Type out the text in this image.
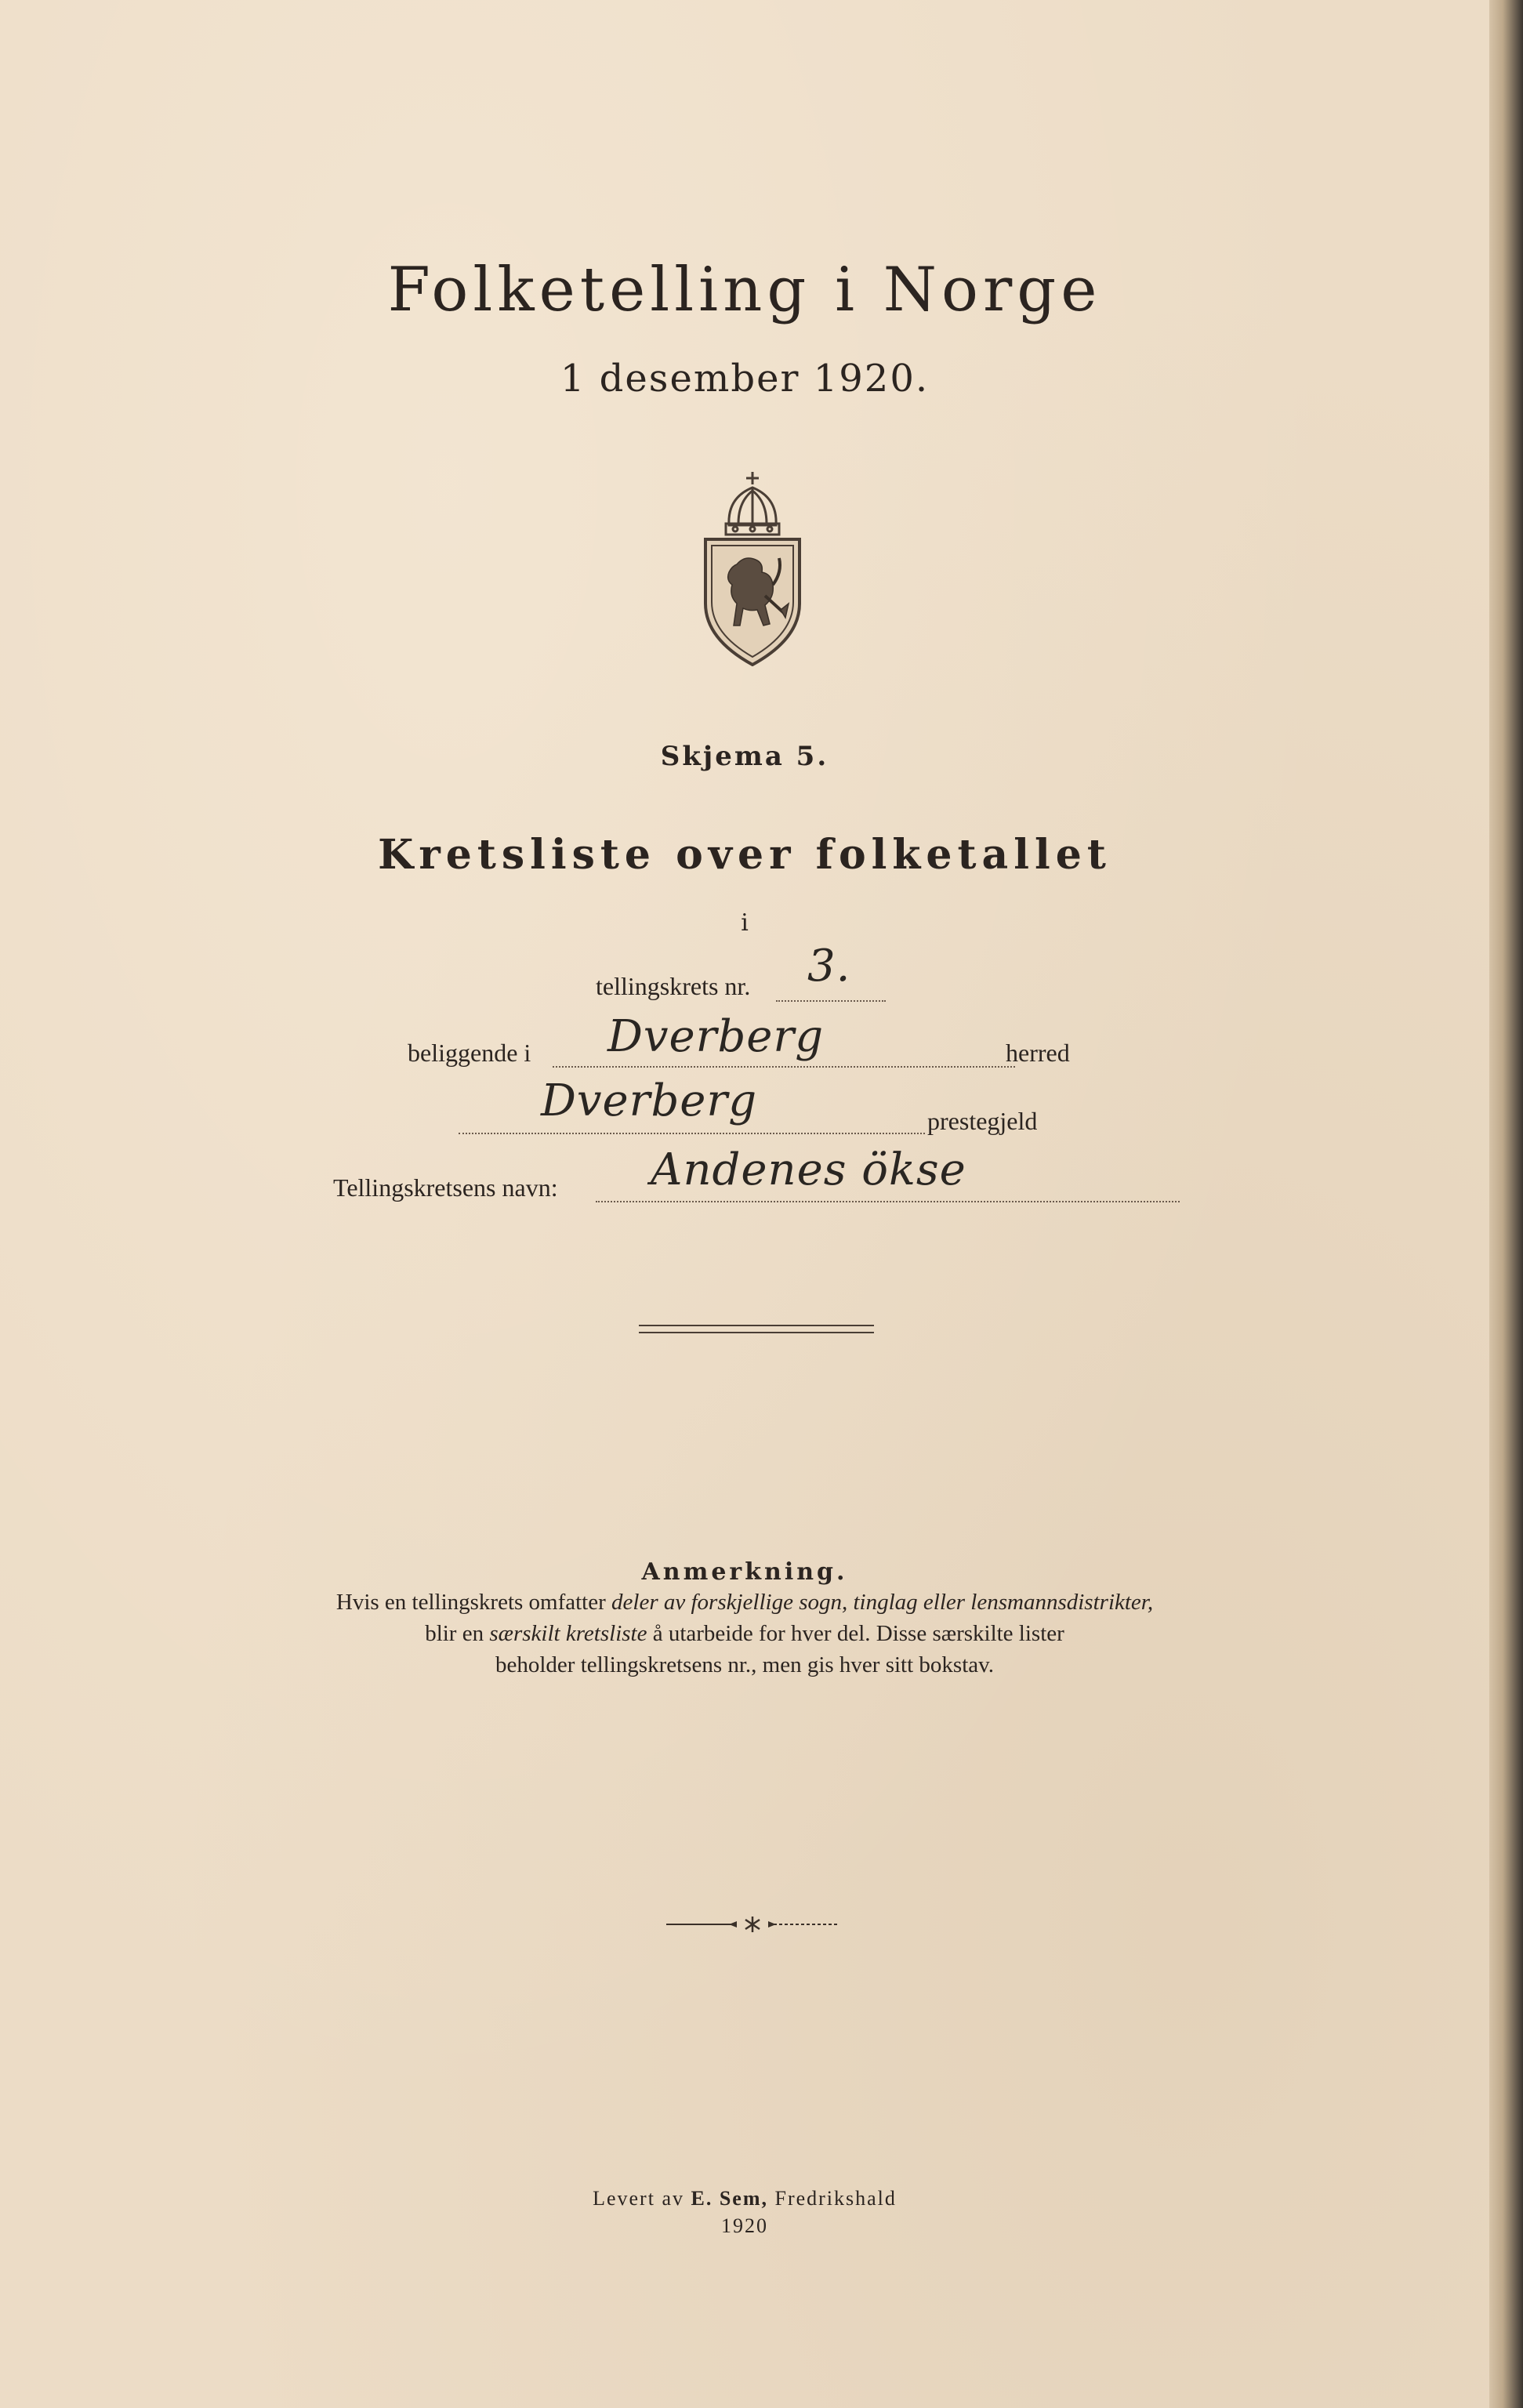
Folketelling i Norge
1 desember 1920.
Skjema 5.
Kretsliste over folketallet
i
tellingskrets nr. 3.
beliggende i Dverberg	herred
Dverberg	prestegjeld
Tellingskretsens navn: Andenes ökse
Anmerkning.
Hvis en tellingskrets omfatter deler av forskjellige sogn, tinglag eller lensmannsdistrikter,
blir en særskilt kretsliste å utarbeide for hver del. Disse særskilte lister
beholder tellingskretsens nr., men gis hver sitt bokstav.
Levert av E. Sem, Fredrikshald
1920
